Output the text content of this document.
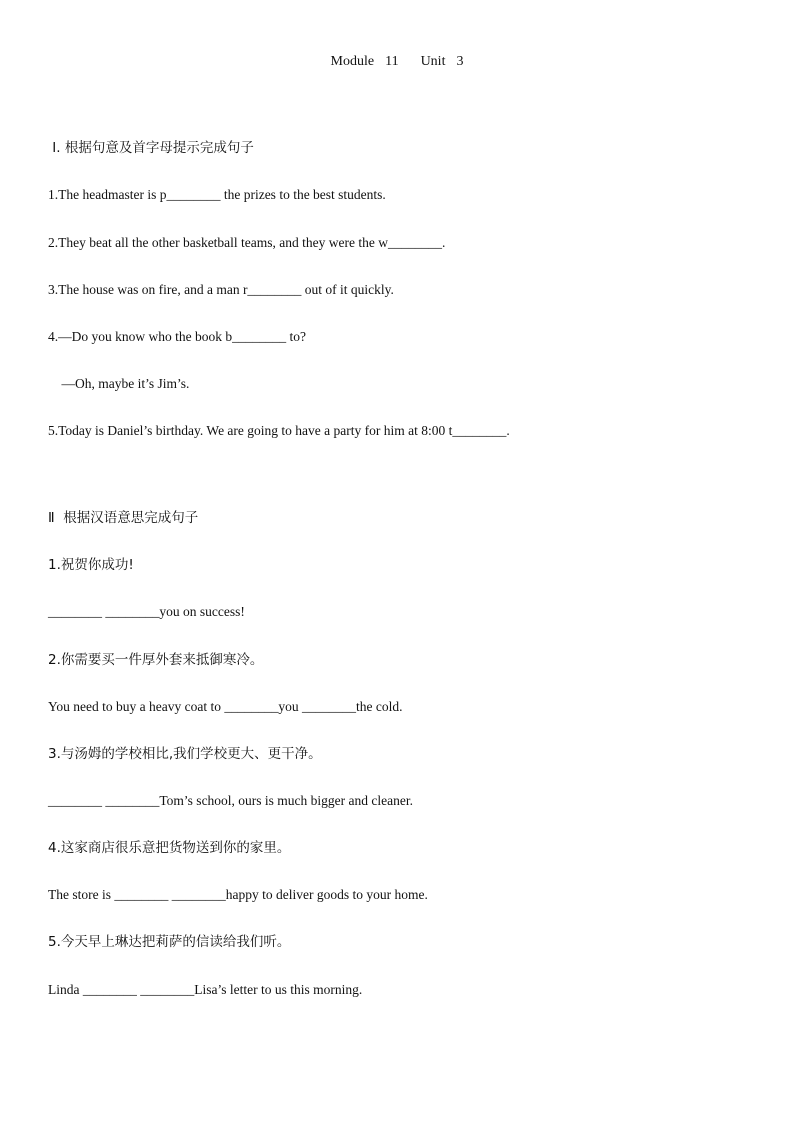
Module  11    Unit  3
Ⅰ. 根据句意及首字母提示完成句子
1.The headmaster is p________ the prizes to the best students.
2.They beat all the other basketball teams, and they were the w________.
3.The house was on fire, and a man r________ out of it quickly.
4.—Do you know who the book b________ to?
—Oh, maybe it’s Jim’s.
5.Today is Daniel’s birthday. We are going to have a party for him at 8:00 t________.
Ⅱ  根据汉语意思完成句子
1.祝贺你成功!
________ ________you on success!
2.你需要买一件厚外套来抵御寒冷。
You need to buy a heavy coat to ________you ________the cold.
3.与汤姆的学校相比,我们学校更大、更干净。
________ ________Tom’s school, ours is much bigger and cleaner.
4.这家商店很乐意把货物送到你的家里。
The store is ________ ________happy to deliver goods to your home.
5.今天早上琳达把莉萨的信读给我们听。
Linda ________ ________Lisa’s letter to us this morning.
